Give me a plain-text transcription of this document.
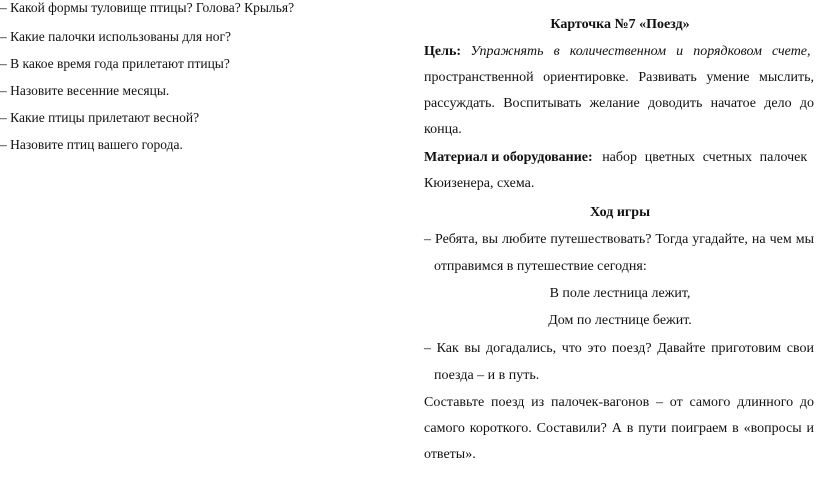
– Какой формы туловище птицы? Голова? Крылья?
– Какие палочки использованы для ног?
– В какое время года прилетают птицы?
– Назовите весенние месяцы.
– Какие птицы прилетают весной?
– Назовите птиц вашего города.
Карточка №7 «Поезд»
Цель: Упражнять в количественном и порядковом счете,
пространственной ориентировке. Развивать умение мыслить,
рассуждать. Воспитывать желание доводить начатое дело до
конца.
Материал и оборудование: набор цветных счетных палочек
Кюизенера, схема.
Ход игры
– Ребята, вы любите путешествовать? Тогда угадайте, на чем мы
отправимся в путешествие сегодня:
В поле лестница лежит,
Дом по лестнице бежит.
– Как вы догадались, что это поезд? Давайте приготовим свои
поезда – и в путь.
Составьте поезд из палочек-вагонов – от самого длинного до
самого короткого. Составили? А в пути поиграем в «вопросы и
ответы».
